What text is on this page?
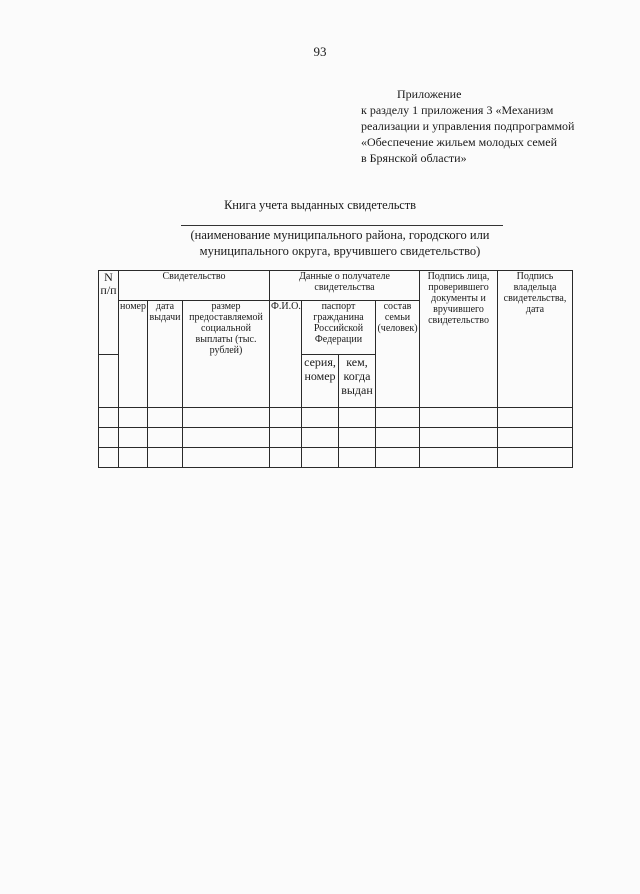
93
Приложение
к разделу 1 приложения 3 «Механизм
реализации и управления подпрограммой
«Обеспечение жильем молодых семей
в Брянской области»
Книга учета выданных свидетельств
(наименование муниципального района, городского или
муниципального округа, вручившего свидетельство)
N п/п	Свидетельство			Данные о получателе свидетельства				Подпись лица, проверившего документы и вручившего свидетельство	Подпись владельца свидетельства, дата
	номер	дата выдачи	размер предоставляемой социальной выплаты (тыс. рублей)	Ф.И.О.	паспорт гражданина Российской Федерации		состав семьи (человек)		
					серия, номер	кем, когда выдан			
